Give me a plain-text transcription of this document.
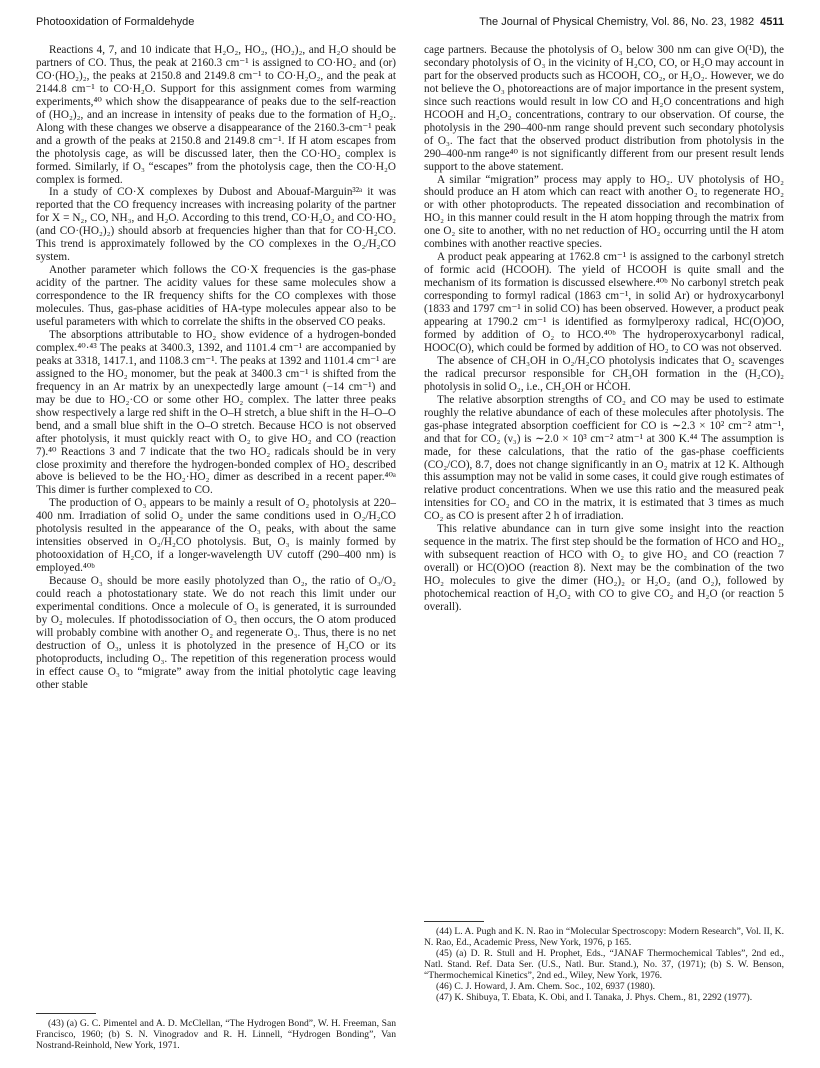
Photooxidation of Formaldehyde	The Journal of Physical Chemistry, Vol. 86, No. 23, 1982 4511

Reactions 4, 7, and 10 indicate that H₂O₂, HO₂, (HO₂)₂, and H₂O should be partners of CO. Thus, the peak at 2160.3 cm⁻¹ is assigned to CO·HO₂ and (or) CO·(HO₂)₂, the peaks at 2150.8 and 2149.8 cm⁻¹ to CO·H₂O₂, and the peak at 2144.8 cm⁻¹ to CO·H₂O. Support for this assignment comes from warming experiments,⁴⁰ which show the disappearance of peaks due to the self-reaction of (HO₂)₂, and an increase in intensity of peaks due to the formation of H₂O₂. Along with these changes we observe a disappearance of the 2160.3-cm⁻¹ peak and a growth of the peaks at 2150.8 and 2149.8 cm⁻¹. If H atom escapes from the photolysis cage, as will be discussed later, then the CO·HO₂ complex is formed. Similarly, if O₃ “escapes” from the photolysis cage, then the CO·H₂O complex is formed.

In a study of CO·X complexes by Dubost and Abouaf-Marguin³²ᵃ it was reported that the CO frequency increases with increasing polarity of the partner for X = N₂, CO, NH₃, and H₂O. According to this trend, CO·H₂O₂ and CO·HO₂ (and CO·(HO₂)₂) should absorb at frequencies higher than that for CO·H₂CO. This trend is approximately followed by the CO complexes in the O₂/H₂CO system.

Another parameter which follows the CO·X frequencies is the gas-phase acidity of the partner. The acidity values for these same molecules show a correspondence to the IR frequency shifts for the CO complexes with those molecules. Thus, gas-phase acidities of HA-type molecules appear also to be useful parameters with which to correlate the shifts in the observed CO peaks.

The absorptions attributable to HO₂ show evidence of a hydrogen-bonded complex.⁴⁰·⁴³ The peaks at 3400.3, 1392, and 1101.4 cm⁻¹ are accompanied by peaks at 3318, 1417.1, and 1108.3 cm⁻¹. The peaks at 1392 and 1101.4 cm⁻¹ are assigned to the HO₂ monomer, but the peak at 3400.3 cm⁻¹ is shifted from the frequency in an Ar matrix by an unexpectedly large amount (−14 cm⁻¹) and may be due to HO₂·CO or some other HO₂ complex. The latter three peaks show respectively a large red shift in the O–H stretch, a blue shift in the H–O–O bend, and a small blue shift in the O–O stretch. Because HCO is not observed after photolysis, it must quickly react with O₂ to give HO₂ and CO (reaction 7).⁴⁰ Reactions 3 and 7 indicate that the two HO₂ radicals should be in very close proximity and therefore the hydrogen-bonded complex of HO₂ described above is believed to be the HO₂·HO₂ dimer as described in a recent paper.⁴⁰ᵃ This dimer is further complexed to CO.

The production of O₃ appears to be mainly a result of O₂ photolysis at 220–400 nm. Irradiation of solid O₂ under the same conditions used in O₂/H₂CO photolysis resulted in the appearance of the O₃ peaks, with about the same intensities observed in O₂/H₂CO photolysis. But, O₃ is mainly formed by photooxidation of H₂CO, if a longer-wavelength UV cutoff (290–400 nm) is employed.⁴⁰ᵇ

Because O₃ should be more easily photolyzed than O₂, the ratio of O₃/O₂ could reach a photostationary state. We do not reach this limit under our experimental conditions. Once a molecule of O₃ is generated, it is surrounded by O₂ molecules. If photodissociation of O₃ then occurs, the O atom produced will probably combine with another O₂ and regenerate O₃. Thus, there is no net destruction of O₃, unless it is photolyzed in the presence of H₂CO or its photoproducts, including O₃. The repetition of this regeneration process would in effect cause O₃ to “migrate” away from the initial photolytic cage leaving other stable

(43) (a) G. C. Pimentel and A. D. McClellan, “The Hydrogen Bond”, W. H. Freeman, San Francisco, 1960; (b) S. N. Vinogradov and R. H. Linnell, “Hydrogen Bonding”, Van Nostrand-Reinhold, New York, 1971.

cage partners. Because the photolysis of O₃ below 300 nm can give O(¹D), the secondary photolysis of O₃ in the vicinity of H₂CO, CO, or H₂O may account in part for the observed products such as HCOOH, CO₂, or H₂O₂. However, we do not believe the O₃ photoreactions are of major importance in the present system, since such reactions would result in low CO and H₂O concentrations and high HCOOH and H₂O₂ concentrations, contrary to our observation. Of course, the photolysis in the 290–400-nm range should prevent such secondary photolysis of O₃. The fact that the observed product distribution from photolysis in the 290–400-nm range⁴⁰ is not significantly different from our present result lends support to the above statement.

A similar “migration” process may apply to HO₂. UV photolysis of HO₂ should produce an H atom which can react with another O₂ to regenerate HO₂ or with other photoproducts. The repeated dissociation and recombination of HO₂ in this manner could result in the H atom hopping through the matrix from one O₂ site to another, with no net reduction of HO₂ occurring until the H atom combines with another reactive species.

A product peak appearing at 1762.8 cm⁻¹ is assigned to the carbonyl stretch of formic acid (HCOOH). The yield of HCOOH is quite small and the mechanism of its formation is discussed elsewhere.⁴⁰ᵇ No carbonyl stretch peak corresponding to formyl radical (1863 cm⁻¹, in solid Ar) or hydroxycarbonyl (1833 and 1797 cm⁻¹ in solid CO) has been observed. However, a product peak appearing at 1790.2 cm⁻¹ is identified as formylperoxy radical, HC(O)OO, formed by addition of O₂ to HCO.⁴⁰ᵇ The hydroperoxycarbonyl radical, HOOC(O), which could be formed by addition of HO₂ to CO was not observed.

The absence of CH₃OH in O₂/H₂CO photolysis indicates that O₂ scavenges the radical precursor responsible for CH₃OH formation in the (H₂CO)₂ photolysis in solid O₂, i.e., CH₂OH or HĊOH.

The relative absorption strengths of CO₂ and CO may be used to estimate roughly the relative abundance of each of these molecules after photolysis. The gas-phase integrated absorption coefficient for CO is ∼2.3 × 10² cm⁻² atm⁻¹, and that for CO₂ (ν₃) is ∼2.0 × 10³ cm⁻² atm⁻¹ at 300 K.⁴⁴ The assumption is made, for these calculations, that the ratio of the gas-phase coefficients (CO₂/CO), 8.7, does not change significantly in an O₂ matrix at 12 K. Although this assumption may not be valid in some cases, it could give rough estimates of relative product concentrations. When we use this ratio and the measured peak intensities for CO₂ and CO in the matrix, it is estimated that 3 times as much CO₂ as CO is present after 2 h of irradiation.

This relative abundance can in turn give some insight into the reaction sequence in the matrix. The first step should be the formation of HCO and HO₂, with subsequent reaction of HCO with O₂ to give HO₂ and CO (reaction 7 overall) or HC(O)OO (reaction 8). Next may be the combination of the two HO₂ molecules to give the dimer (HO₂)₂ or H₂O₂ (and O₂), followed by photochemical reaction of H₂O₂ with CO to give CO₂ and H₂O (or reaction 5 overall).

(44) L. A. Pugh and K. N. Rao in “Molecular Spectroscopy: Modern Research”, Vol. II, K. N. Rao, Ed., Academic Press, New York, 1976, p 165.

(45) (a) D. R. Stull and H. Prophet, Eds., “JANAF Thermochemical Tables”, 2nd ed., Natl. Stand. Ref. Data Ser. (U.S., Natl. Bur. Stand.), No. 37, (1971); (b) S. W. Benson, “Thermochemical Kinetics”, 2nd ed., Wiley, New York, 1976.

(46) C. J. Howard, J. Am. Chem. Soc., 102, 6937 (1980).

(47) K. Shibuya, T. Ebata, K. Obi, and I. Tanaka, J. Phys. Chem., 81, 2292 (1977).
